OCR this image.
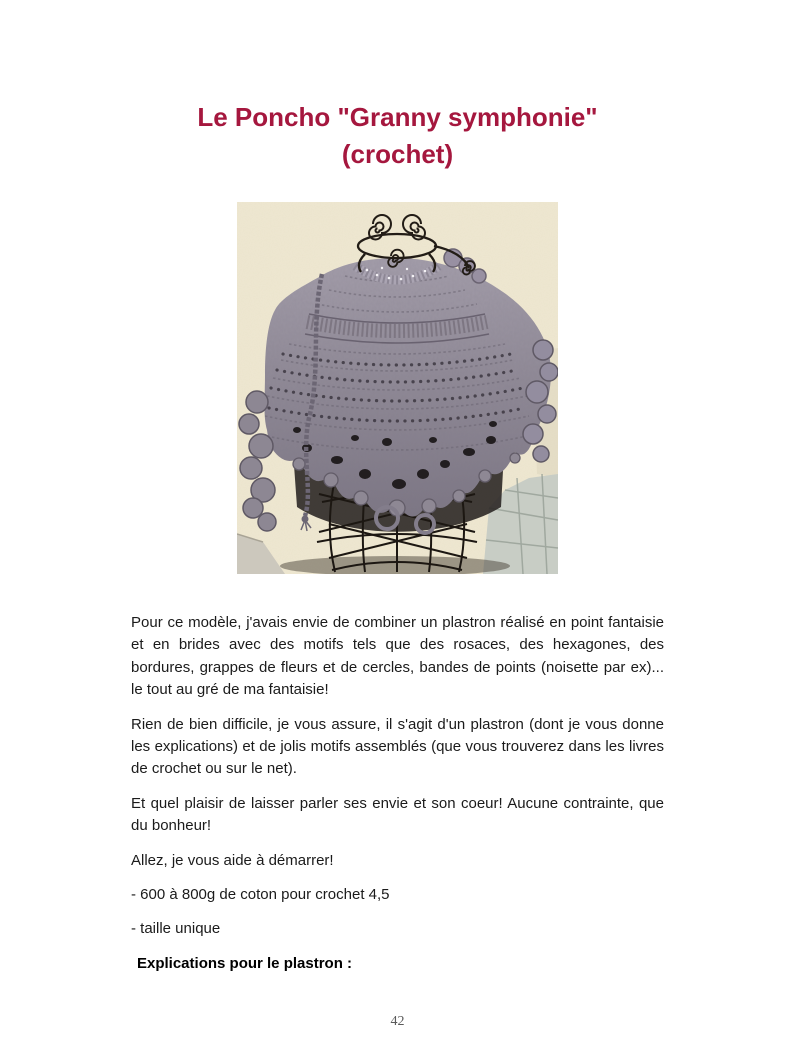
Le Poncho "Granny symphonie"
(crochet)

Pour ce modèle, j'avais envie de combiner un plastron réalisé en point fantaisie et en brides avec des motifs tels que des rosaces, des hexagones, des bordures, grappes de fleurs et de cercles, bandes de points (noisette par ex)... le tout au gré de ma fantaisie!

Rien de bien difficile, je vous assure, il s'agit d'un plastron (dont je vous donne les explications) et de jolis motifs assemblés (que vous trouverez dans les livres de crochet ou sur le net).

Et quel plaisir de laisser parler ses envie et son coeur! Aucune contrainte, que du bonheur!

Allez, je vous aide à démarrer!

- 600 à 800g de coton pour crochet 4,5

- taille unique

Explications pour le plastron :

42
